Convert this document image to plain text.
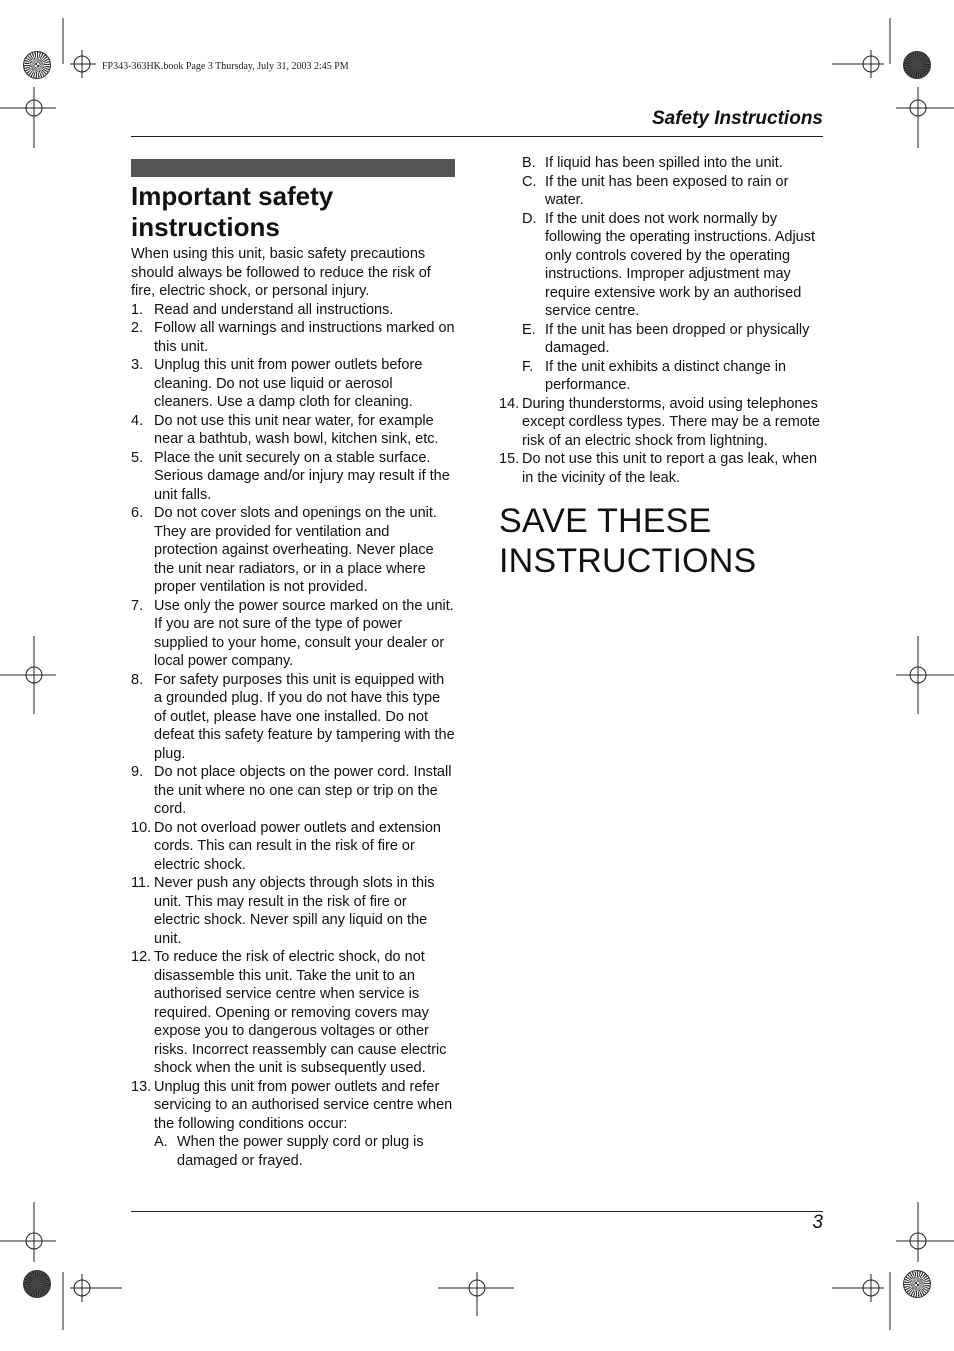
FP343-363HK.book Page 3 Thursday, July 31, 2003 2:45 PM
Safety Instructions
Important safety instructions

When using this unit, basic safety precautions should always be followed to reduce the risk of fire, electric shock, or personal injury.

1. Read and understand all instructions.
2. Follow all warnings and instructions marked on this unit.
3. Unplug this unit from power outlets before cleaning. Do not use liquid or aerosol cleaners. Use a damp cloth for cleaning.
4. Do not use this unit near water, for example near a bathtub, wash bowl, kitchen sink, etc.
5. Place the unit securely on a stable surface. Serious damage and/or injury may result if the unit falls.
6. Do not cover slots and openings on the unit. They are provided for ventilation and protection against overheating. Never place the unit near radiators, or in a place where proper ventilation is not provided.
7. Use only the power source marked on the unit. If you are not sure of the type of power supplied to your home, consult your dealer or local power company.
8. For safety purposes this unit is equipped with a grounded plug. If you do not have this type of outlet, please have one installed. Do not defeat this safety feature by tampering with the plug.
9. Do not place objects on the power cord. Install the unit where no one can step or trip on the cord.
10. Do not overload power outlets and extension cords. This can result in the risk of fire or electric shock.
11. Never push any objects through slots in this unit. This may result in the risk of fire or electric shock. Never spill any liquid on the unit.
12. To reduce the risk of electric shock, do not disassemble this unit. Take the unit to an authorised service centre when service is required. Opening or removing covers may expose you to dangerous voltages or other risks. Incorrect reassembly can cause electric shock when the unit is subsequently used.
13. Unplug this unit from power outlets and refer servicing to an authorised service centre when the following conditions occur:
A. When the power supply cord or plug is damaged or frayed.
B. If liquid has been spilled into the unit.
C. If the unit has been exposed to rain or water.
D. If the unit does not work normally by following the operating instructions. Adjust only controls covered by the operating instructions. Improper adjustment may require extensive work by an authorised service centre.
E. If the unit has been dropped or physically damaged.
F. If the unit exhibits a distinct change in performance.
14. During thunderstorms, avoid using telephones except cordless types. There may be a remote risk of an electric shock from lightning.
15. Do not use this unit to report a gas leak, when in the vicinity of the leak.
SAVE THESE
INSTRUCTIONS
3
